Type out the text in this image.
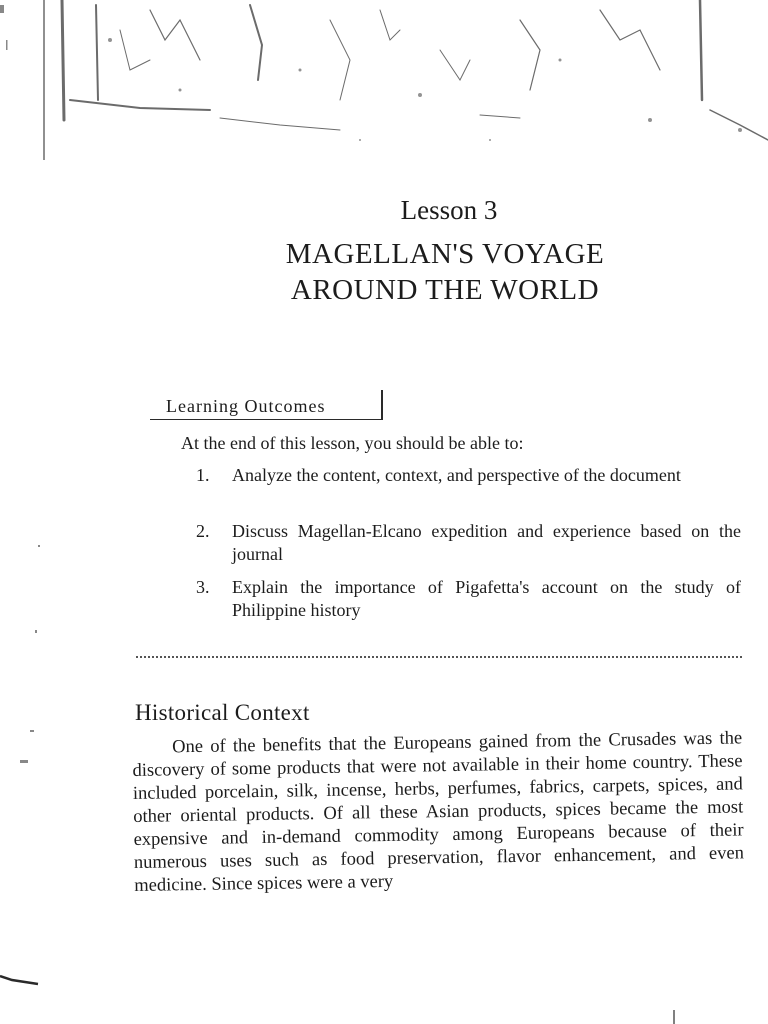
Lesson 3
MAGELLAN'S VOYAGE
AROUND THE WORLD
Learning Outcomes
At the end of this lesson, you should be able to:
1.	Analyze the content, context, and perspective of the document
2.	Discuss Magellan-Elcano expedition and experience based on the journal
3.	Explain the importance of Pigafetta's account on the study of Philippine history
Historical Context
One of the benefits that the Europeans gained from the Crusades was the discovery of some products that were not available in their home country. These included porcelain, silk, incense, herbs, perfumes, fabrics, carpets, spices, and other oriental products. Of all these Asian products, spices became the most expensive and in-demand commodity among Europeans because of their numerous uses such as food preservation, flavor enhancement, and even medicine. Since spices were a very
